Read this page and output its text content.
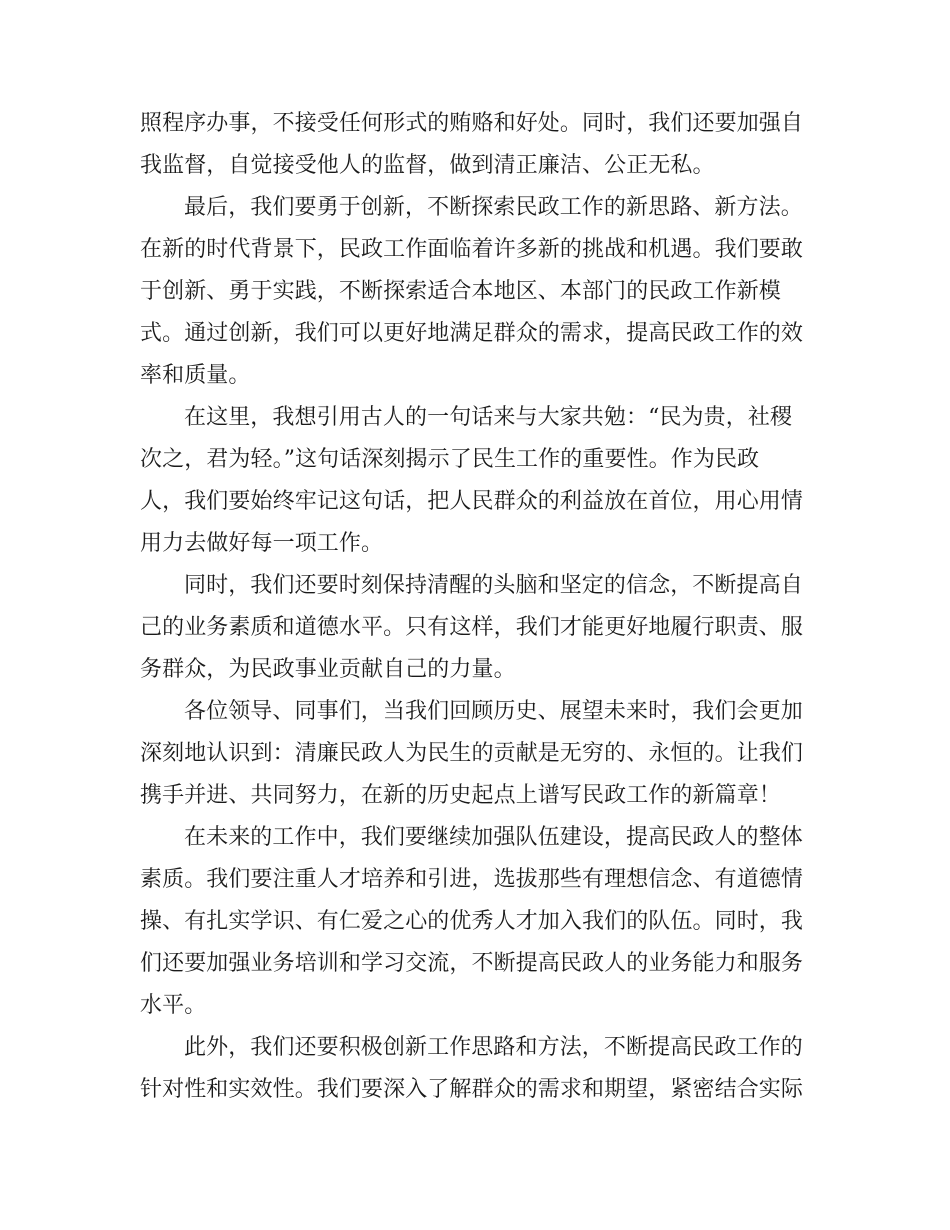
照程序办事，不接受任何形式的贿赂和好处。同时，我们还要加强自
我监督，自觉接受他人的监督，做到清正廉洁、公正无私。
最后，我们要勇于创新，不断探索民政工作的新思路、新方法。
在新的时代背景下，民政工作面临着许多新的挑战和机遇。我们要敢
于创新、勇于实践，不断探索适合本地区、本部门的民政工作新模
式。通过创新，我们可以更好地满足群众的需求，提高民政工作的效
率和质量。
在这里，我想引用古人的一句话来与大家共勉：“民为贵，社稷
次之，君为轻。”这句话深刻揭示了民生工作的重要性。作为民政
人，我们要始终牢记这句话，把人民群众的利益放在首位，用心用情
用力去做好每一项工作。
同时，我们还要时刻保持清醒的头脑和坚定的信念，不断提高自
己的业务素质和道德水平。只有这样，我们才能更好地履行职责、服
务群众，为民政事业贡献自己的力量。
各位领导、同事们，当我们回顾历史、展望未来时，我们会更加
深刻地认识到：清廉民政人为民生的贡献是无穷的、永恒的。让我们
携手并进、共同努力，在新的历史起点上谱写民政工作的新篇章！
在未来的工作中，我们要继续加强队伍建设，提高民政人的整体
素质。我们要注重人才培养和引进，选拔那些有理想信念、有道德情
操、有扎实学识、有仁爱之心的优秀人才加入我们的队伍。同时，我
们还要加强业务培训和学习交流，不断提高民政人的业务能力和服务
水平。
此外，我们还要积极创新工作思路和方法，不断提高民政工作的
针对性和实效性。我们要深入了解群众的需求和期望，紧密结合实际
